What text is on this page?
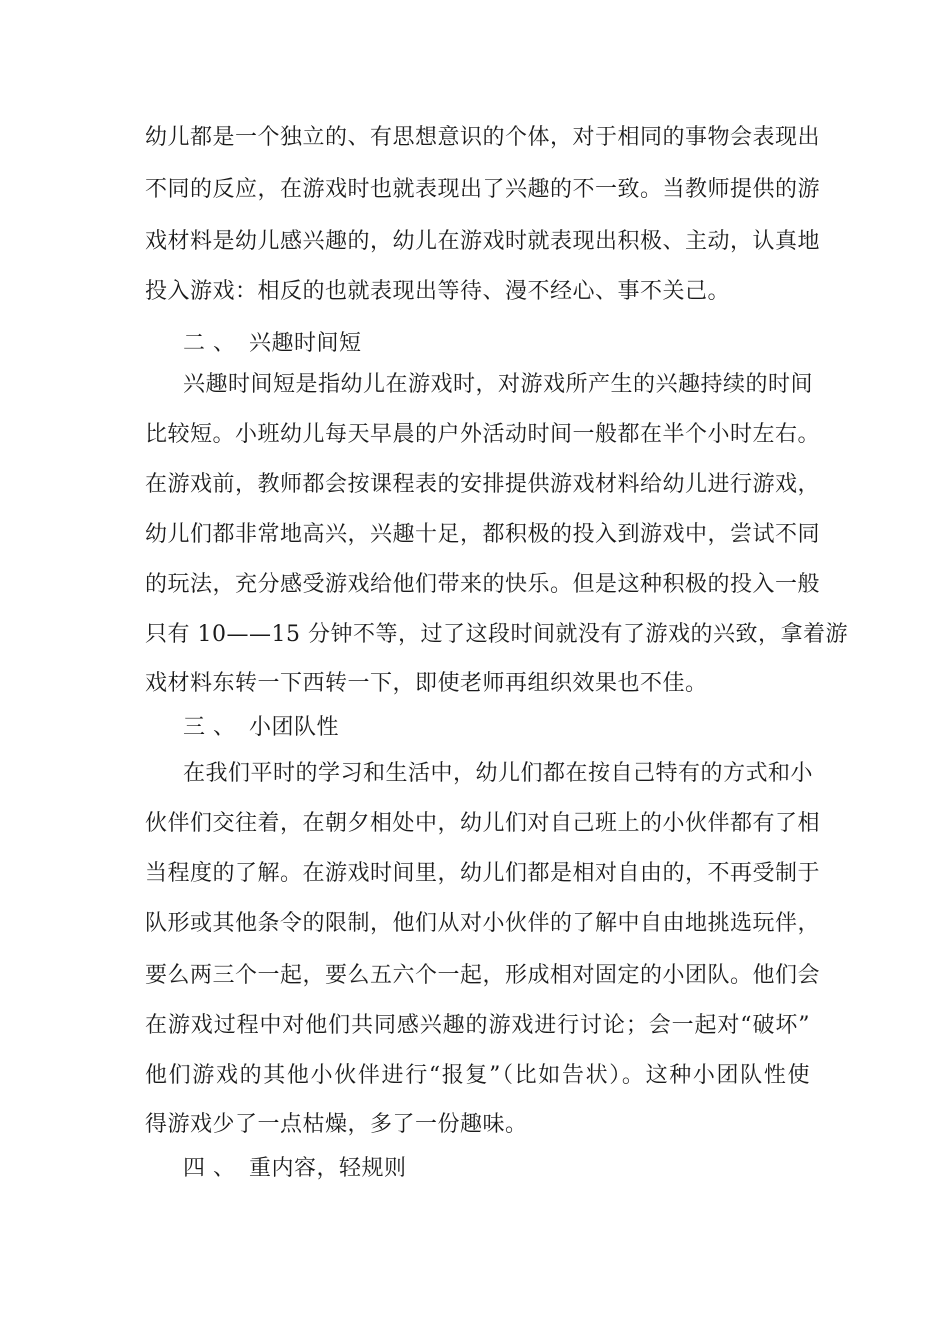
幼儿都是一个独立的、有思想意识的个体，对于相同的事物会表现出
不同的反应，在游戏时也就表现出了兴趣的不一致。当教师提供的游
戏材料是幼儿感兴趣的，幼儿在游戏时就表现出积极、主动，认真地
投入游戏：相反的也就表现出等待、漫不经心、事不关己。
二 、 兴趣时间短
兴趣时间短是指幼儿在游戏时，对游戏所产生的兴趣持续的时间
比较短。小班幼儿每天早晨的户外活动时间一般都在半个小时左右。
在游戏前，教师都会按课程表的安排提供游戏材料给幼儿进行游戏，
幼儿们都非常地高兴，兴趣十足，都积极的投入到游戏中，尝试不同
的玩法，充分感受游戏给他们带来的快乐。但是这种积极的投入一般
只有 10——15 分钟不等，过了这段时间就没有了游戏的兴致，拿着游
戏材料东转一下西转一下，即使老师再组织效果也不佳。
三 、 小团队性
在我们平时的学习和生活中，幼儿们都在按自己特有的方式和小
伙伴们交往着，在朝夕相处中，幼儿们对自己班上的小伙伴都有了相
当程度的了解。在游戏时间里，幼儿们都是相对自由的，不再受制于
队形或其他条令的限制，他们从对小伙伴的了解中自由地挑选玩伴，
要么两三个一起，要么五六个一起，形成相对固定的小团队。他们会
在游戏过程中对他们共同感兴趣的游戏进行讨论；会一起对“破坏”
他们游戏的其他小伙伴进行“报复”（比如告状）。这种小团队性使
得游戏少了一点枯燥，多了一份趣味。
四 、 重内容，轻规则
